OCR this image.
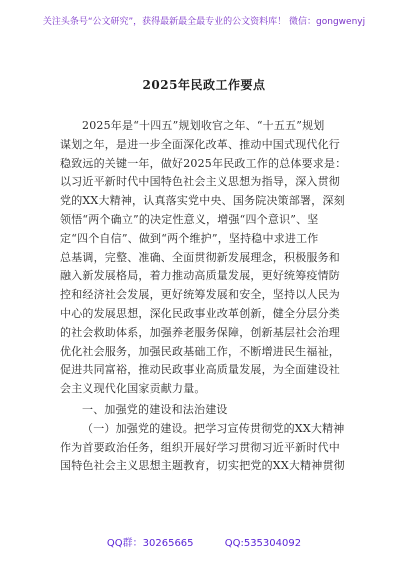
关注头条号“公文研究”，获得最新最全最专业的公文资料库！ 微信：gongwenyj
2025年民政工作要点
2025年是“十四五”规划收官之年、“十五五”规划
谋划之年，是进一步全面深化改革、推动中国式现代化行
稳致远的关键一年，做好2025年民政工作的总体要求是：
以习近平新时代中国特色社会主义思想为指导，深入贯彻
党的XX大精神，认真落实党中央、国务院决策部署，深刻
领悟“两个确立”的决定性意义，增强“四个意识”、坚
定“四个自信”、做到“两个维护”，坚持稳中求进工作
总基调，完整、准确、全面贯彻新发展理念，积极服务和
融入新发展格局，着力推动高质量发展，更好统筹疫情防
控和经济社会发展，更好统筹发展和安全，坚持以人民为
中心的发展思想，深化民政事业改革创新，健全分层分类
的社会救助体系，加强养老服务保障，创新基层社会治理
优化社会服务，加强民政基础工作，不断增进民生福祉，
促进共同富裕，推动民政事业高质量发展，为全面建设社
会主义现代化国家贡献力量。
一、加强党的建设和法治建设
（一）加强党的建设。把学习宣传贯彻党的XX大精神
作为首要政治任务，组织开展好学习贯彻习近平新时代中
国特色社会主义思想主题教育，切实把党的XX大精神贯彻
QQ群：30265665	QQ:535304092
